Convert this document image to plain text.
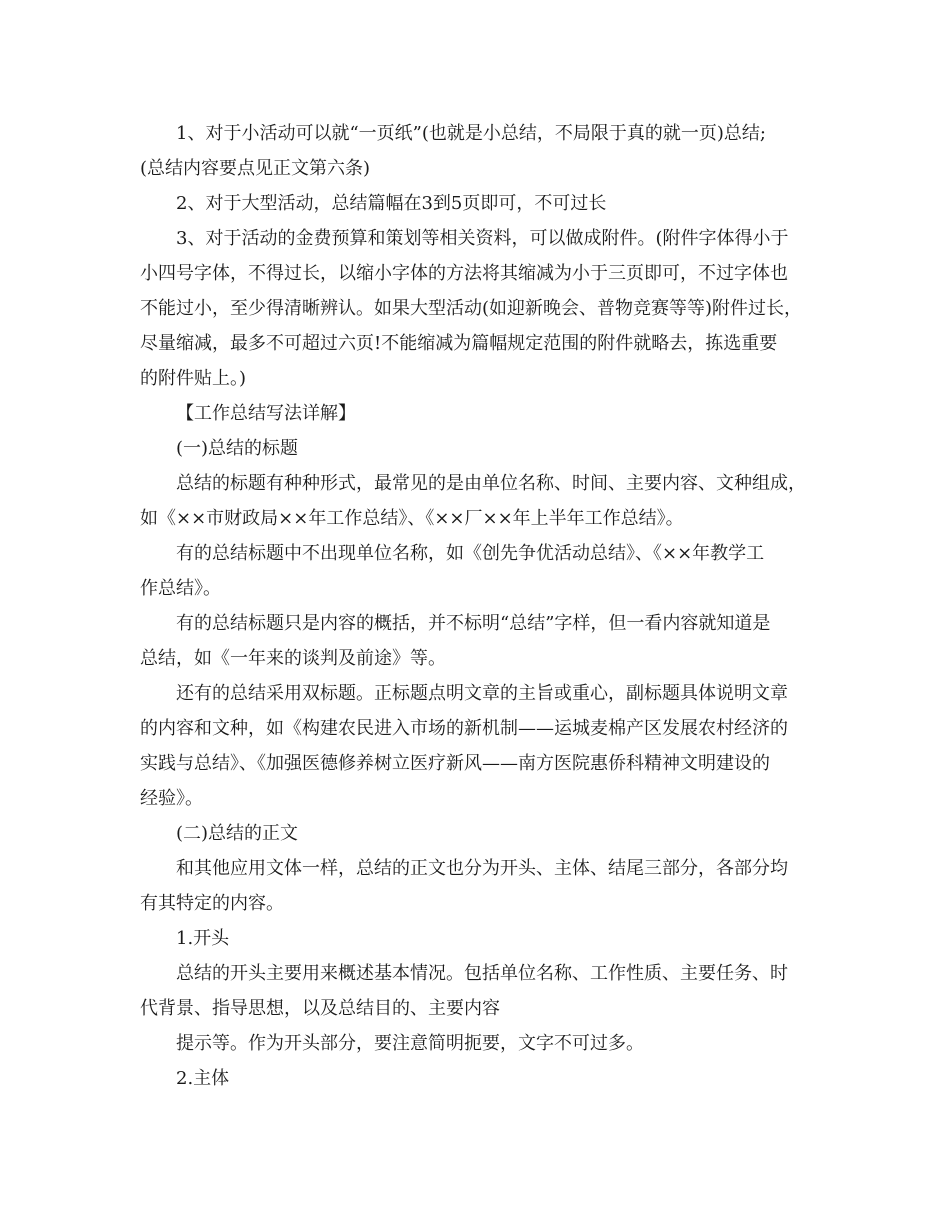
1、对于小活动可以就“一页纸”(也就是小总结，不局限于真的就一页)总结;
(总结内容要点见正文第六条)
2、对于大型活动，总结篇幅在3到5页即可，不可过长
3、对于活动的金费预算和策划等相关资料，可以做成附件。(附件字体得小于
小四号字体，不得过长，以缩小字体的方法将其缩减为小于三页即可，不过字体也
不能过小，至少得清晰辨认。如果大型活动(如迎新晚会、普物竞赛等等)附件过长，
尽量缩减，最多不可超过六页!不能缩减为篇幅规定范围的附件就略去，拣选重要
的附件贴上。)
【工作总结写法详解】
(一)总结的标题
总结的标题有种种形式，最常见的是由单位名称、时间、主要内容、文种组成，
如《××市财政局××年工作总结》、《××厂××年上半年工作总结》。
有的总结标题中不出现单位名称，如《创先争优活动总结》、《××年教学工
作总结》。
有的总结标题只是内容的概括，并不标明“总结”字样，但一看内容就知道是
总结，如《一年来的谈判及前途》等。
还有的总结采用双标题。正标题点明文章的主旨或重心，副标题具体说明文章
的内容和文种，如《构建农民进入市场的新机制——运城麦棉产区发展农村经济的
实践与总结》、《加强医德修养树立医疗新风——南方医院惠侨科精神文明建设的
经验》。
(二)总结的正文
和其他应用文体一样，总结的正文也分为开头、主体、结尾三部分，各部分均
有其特定的内容。
1.开头
总结的开头主要用来概述基本情况。包括单位名称、工作性质、主要任务、时
代背景、指导思想，以及总结目的、主要内容
提示等。作为开头部分，要注意简明扼要，文字不可过多。
2.主体
